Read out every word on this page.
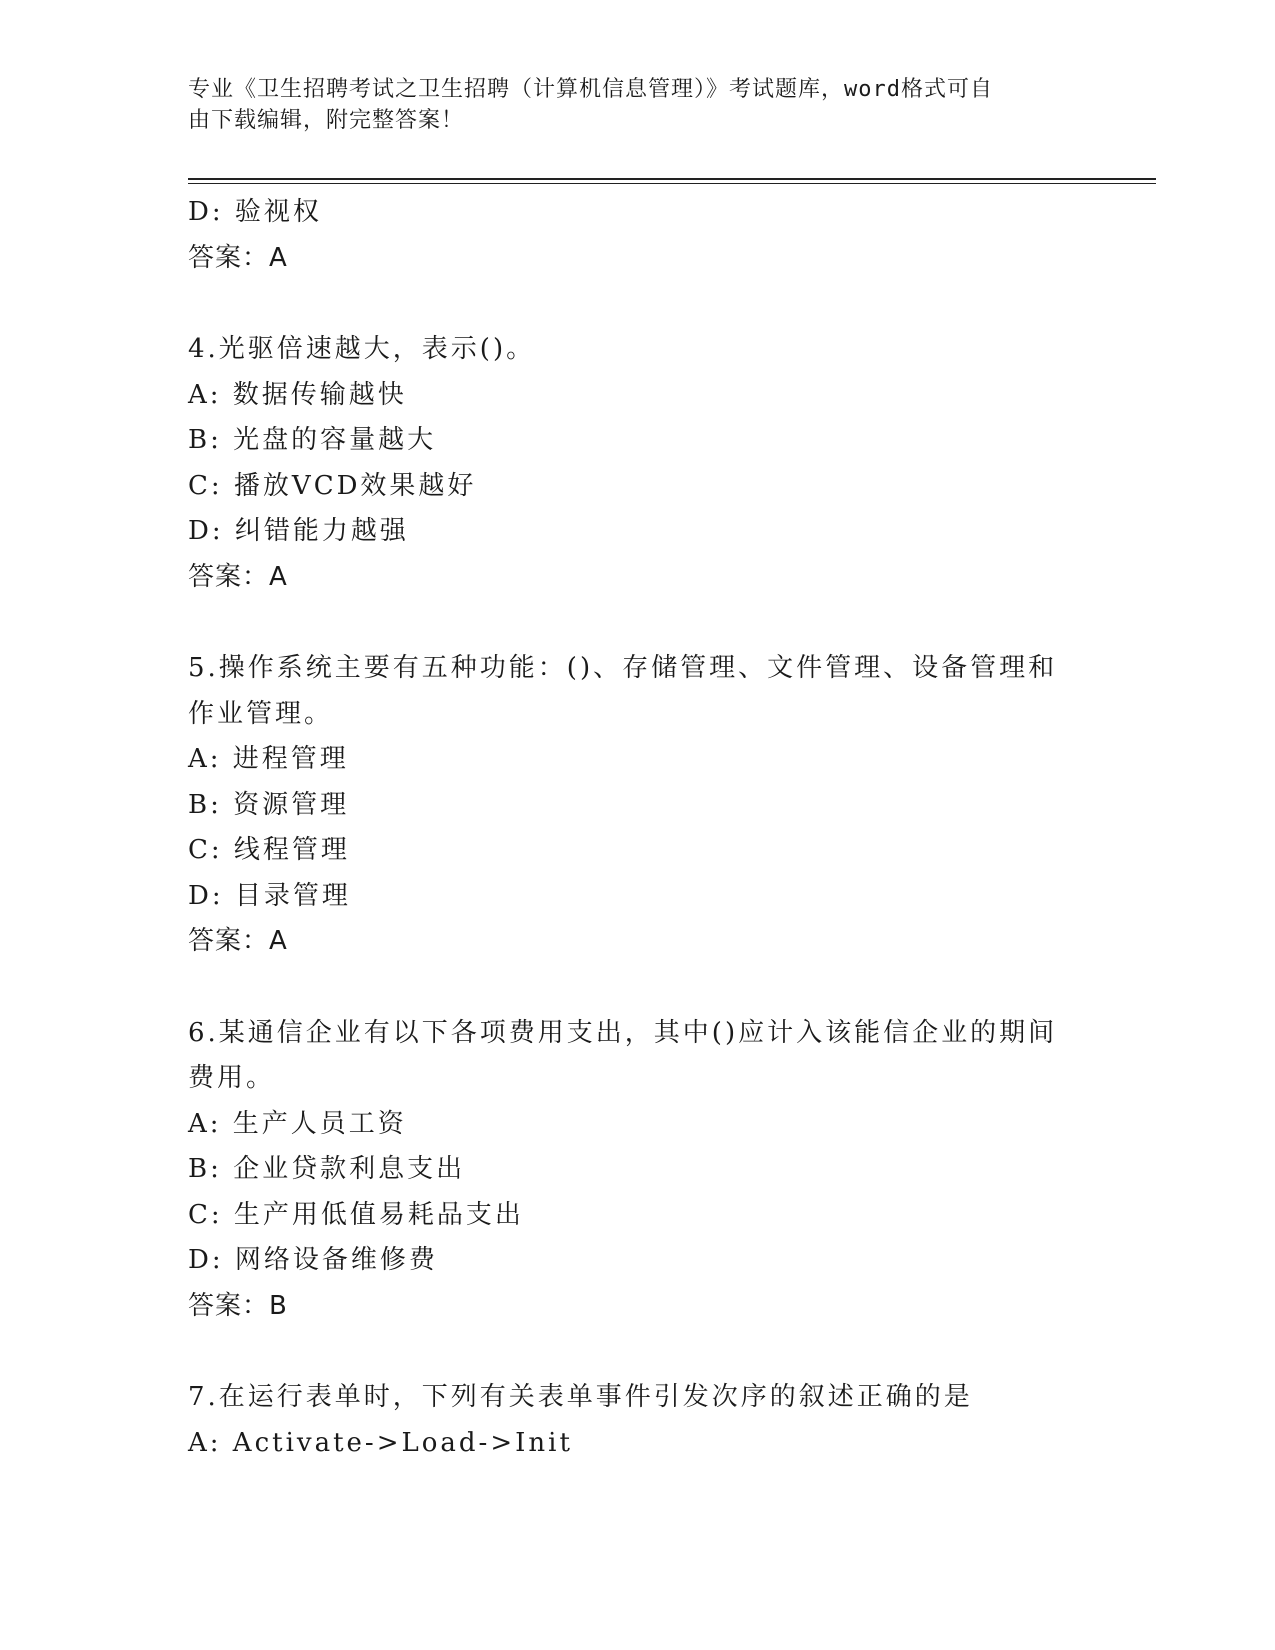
专业《卫生招聘考试之卫生招聘（计算机信息管理）》考试题库，word格式可自
由下载编辑，附完整答案！
D: 验视权
答案：A
4.光驱倍速越大，表示()。
A: 数据传输越快
B: 光盘的容量越大
C: 播放VCD效果越好
D: 纠错能力越强
答案：A
5.操作系统主要有五种功能：()、存储管理、文件管理、设备管理和
作业管理。
A: 进程管理
B: 资源管理
C: 线程管理
D: 目录管理
答案：A
6.某通信企业有以下各项费用支出，其中()应计入该能信企业的期间
费用。
A: 生产人员工资
B: 企业贷款利息支出
C: 生产用低值易耗品支出
D: 网络设备维修费
答案：B
7.在运行表单时，下列有关表单事件引发次序的叙述正确的是
A: Activate->Load->Init
